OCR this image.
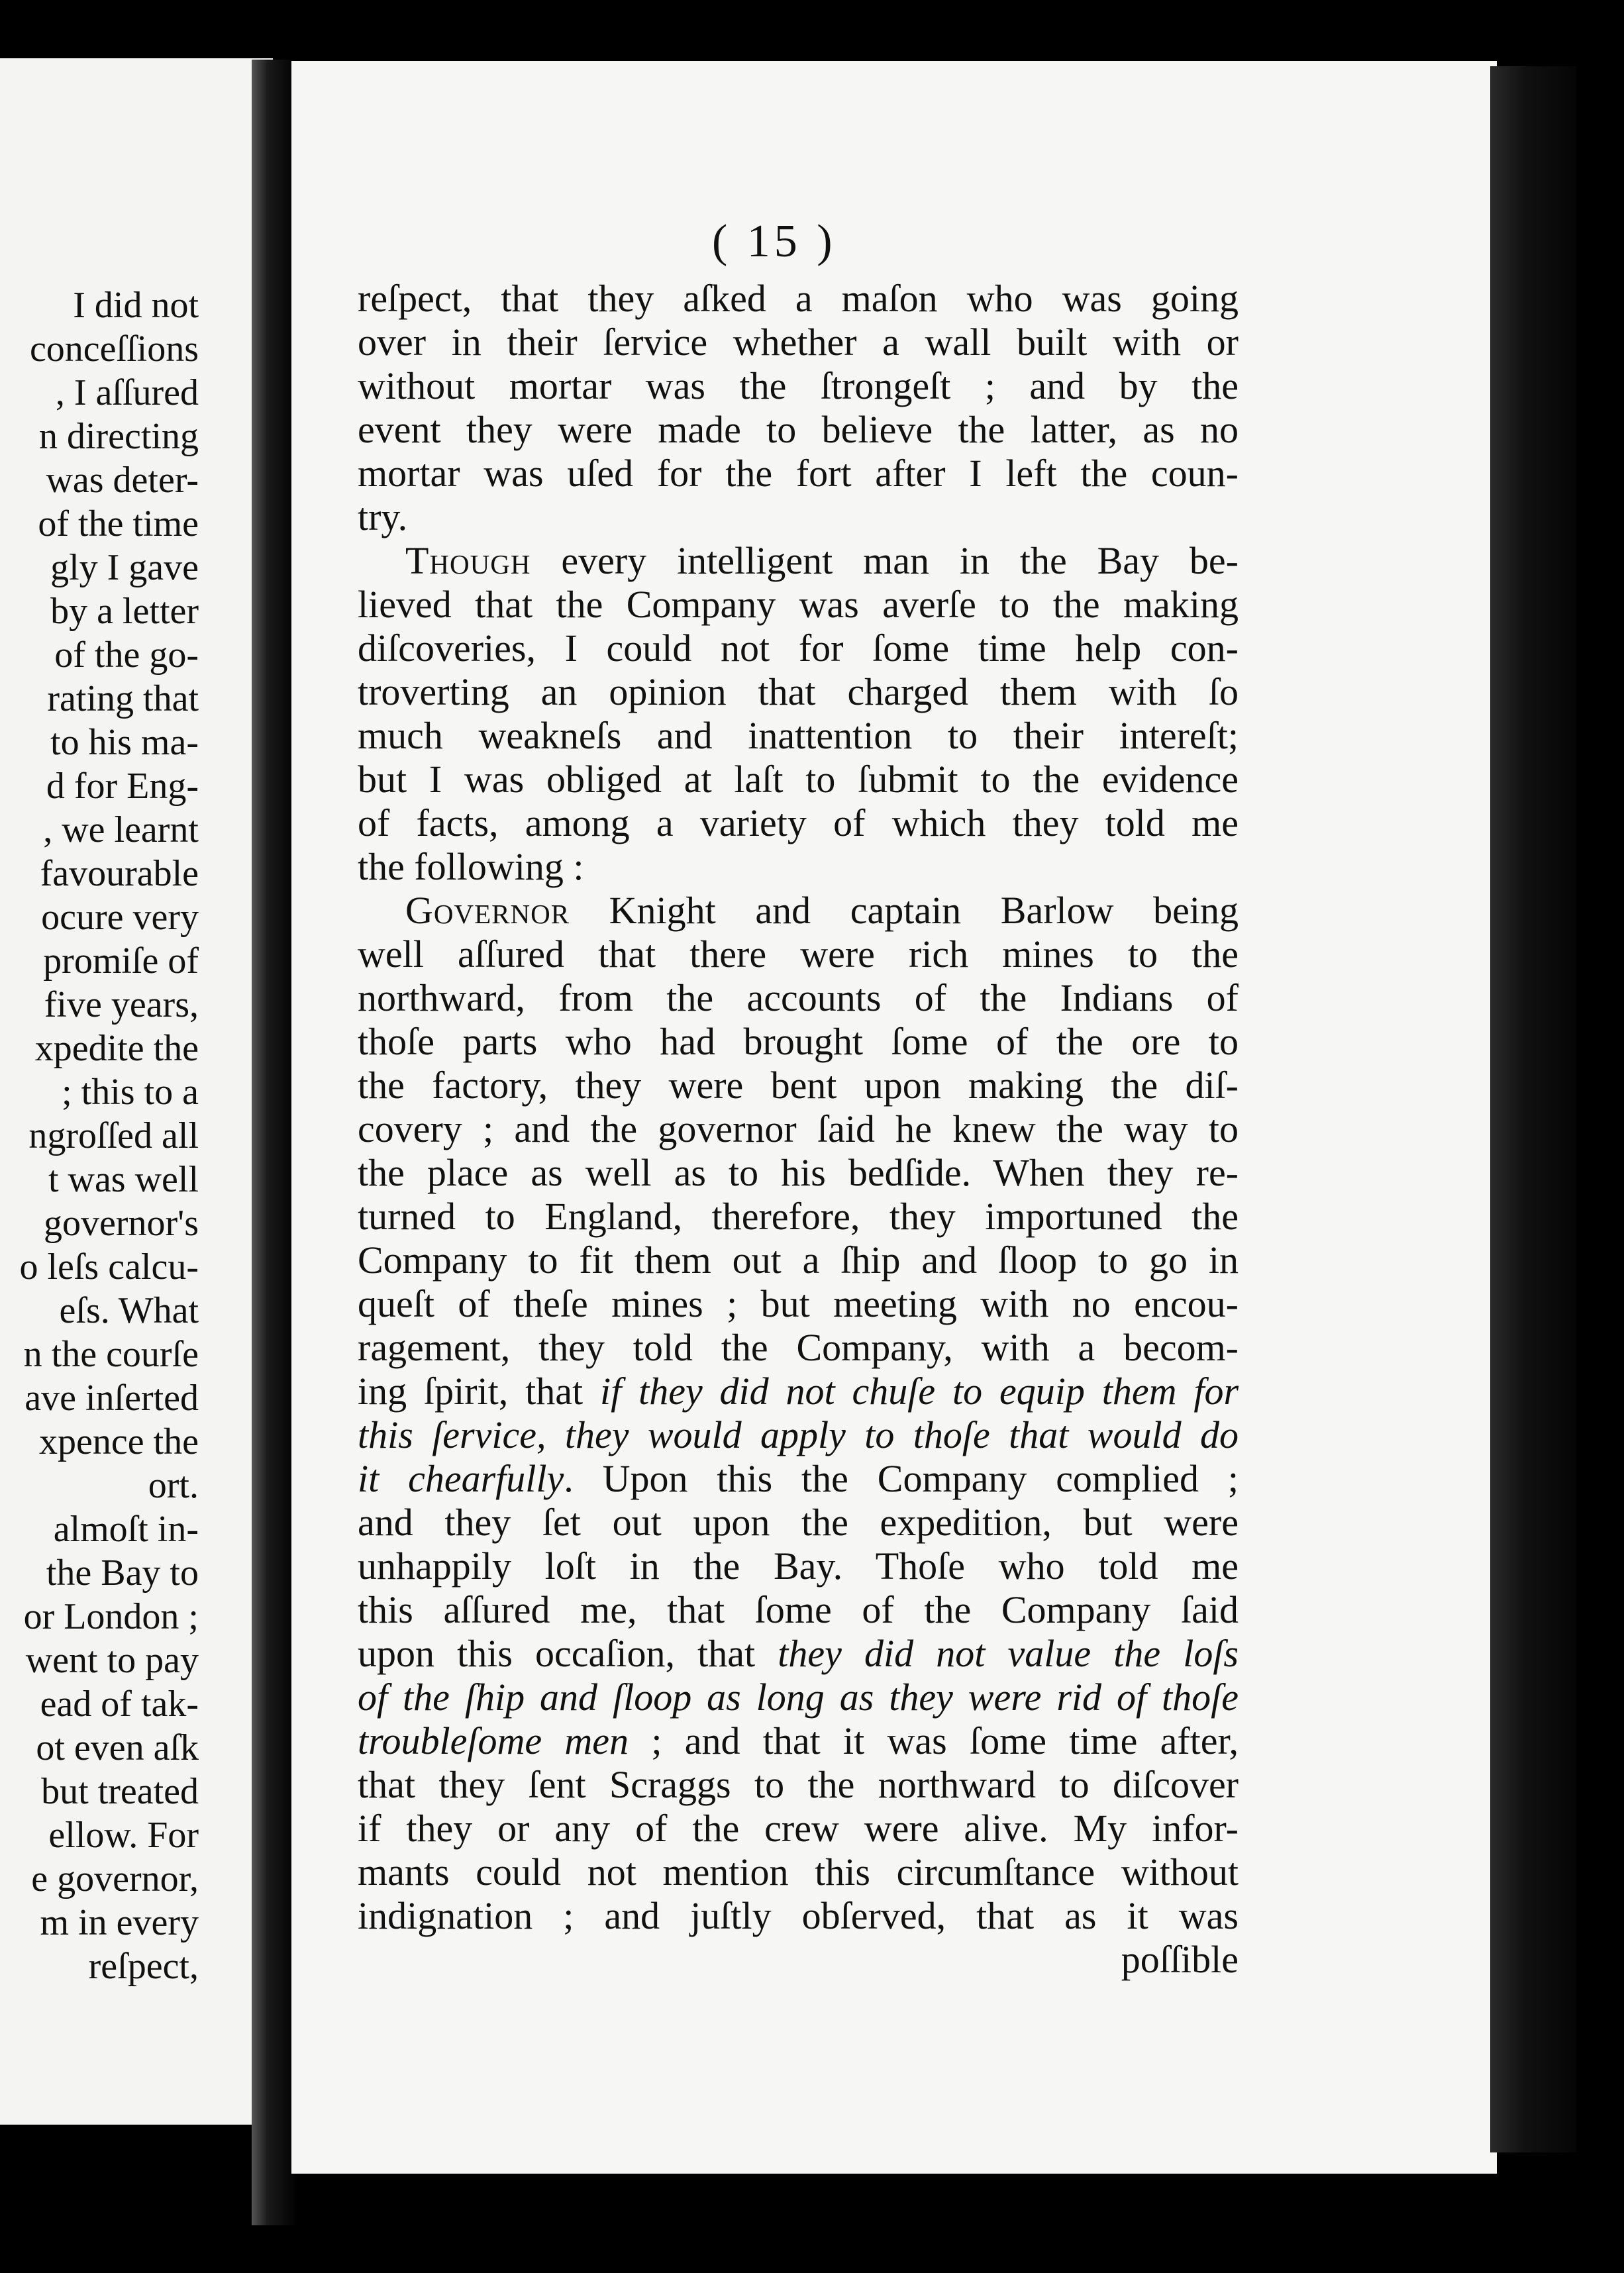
I did not
conceſſions
, I aſſured
n directing
was deter-
of the time
gly I gave
by a letter
of the go-
rating that
to his ma-
d for Eng-
, we learnt
favourable
ocure very
promiſe of
five years,
xpedite the
; this to a
ngroſſed all
t was well
governor's
o leſs calcu-
eſs. What
n the courſe
ave inſerted
xpence the
ort.
almoſt in-
the Bay to
or London ;
went to pay
ead of tak-
ot even aſk
but treated
ellow. For
e governor,
m in every
reſpect,
( 15 )
reſpect, that they aſked a maſon who was going
over in their ſervice whether a wall built with or
without mortar was the ſtrongeſt ; and by the
event they were made to believe the latter, as no
mortar was uſed for the fort after I left the coun-
try.
Though every intelligent man in the Bay be-
lieved that the Company was averſe to the making
diſcoveries, I could not for ſome time help con-
troverting an opinion that charged them with ſo
much weakneſs and inattention to their intereſt;
but I was obliged at laſt to ſubmit to the evidence
of facts, among a variety of which they told me
the following :
Governor Knight and captain Barlow being
well aſſured that there were rich mines to the
northward, from the accounts of the Indians of
thoſe parts who had brought ſome of the ore to
the factory, they were bent upon making the diſ-
covery ; and the governor ſaid he knew the way to
the place as well as to his bedſide. When they re-
turned to England, therefore, they importuned the
Company to fit them out a ſhip and ſloop to go in
queſt of theſe mines ; but meeting with no encou-
ragement, they told the Company, with a becom-
ing ſpirit, that if they did not chuſe to equip them for
this ſervice, they would apply to thoſe that would do
it chearfully. Upon this the Company complied ;
and they ſet out upon the expedition, but were
unhappily loſt in the Bay. Thoſe who told me
this aſſured me, that ſome of the Company ſaid
upon this occaſion, that they did not value the loſs
of the ſhip and ſloop as long as they were rid of thoſe
troubleſome men ; and that it was ſome time after,
that they ſent Scraggs to the northward to diſcover
if they or any of the crew were alive. My infor-
mants could not mention this circumſtance without
indignation ; and juſtly obſerved, that as it was
poſſible
